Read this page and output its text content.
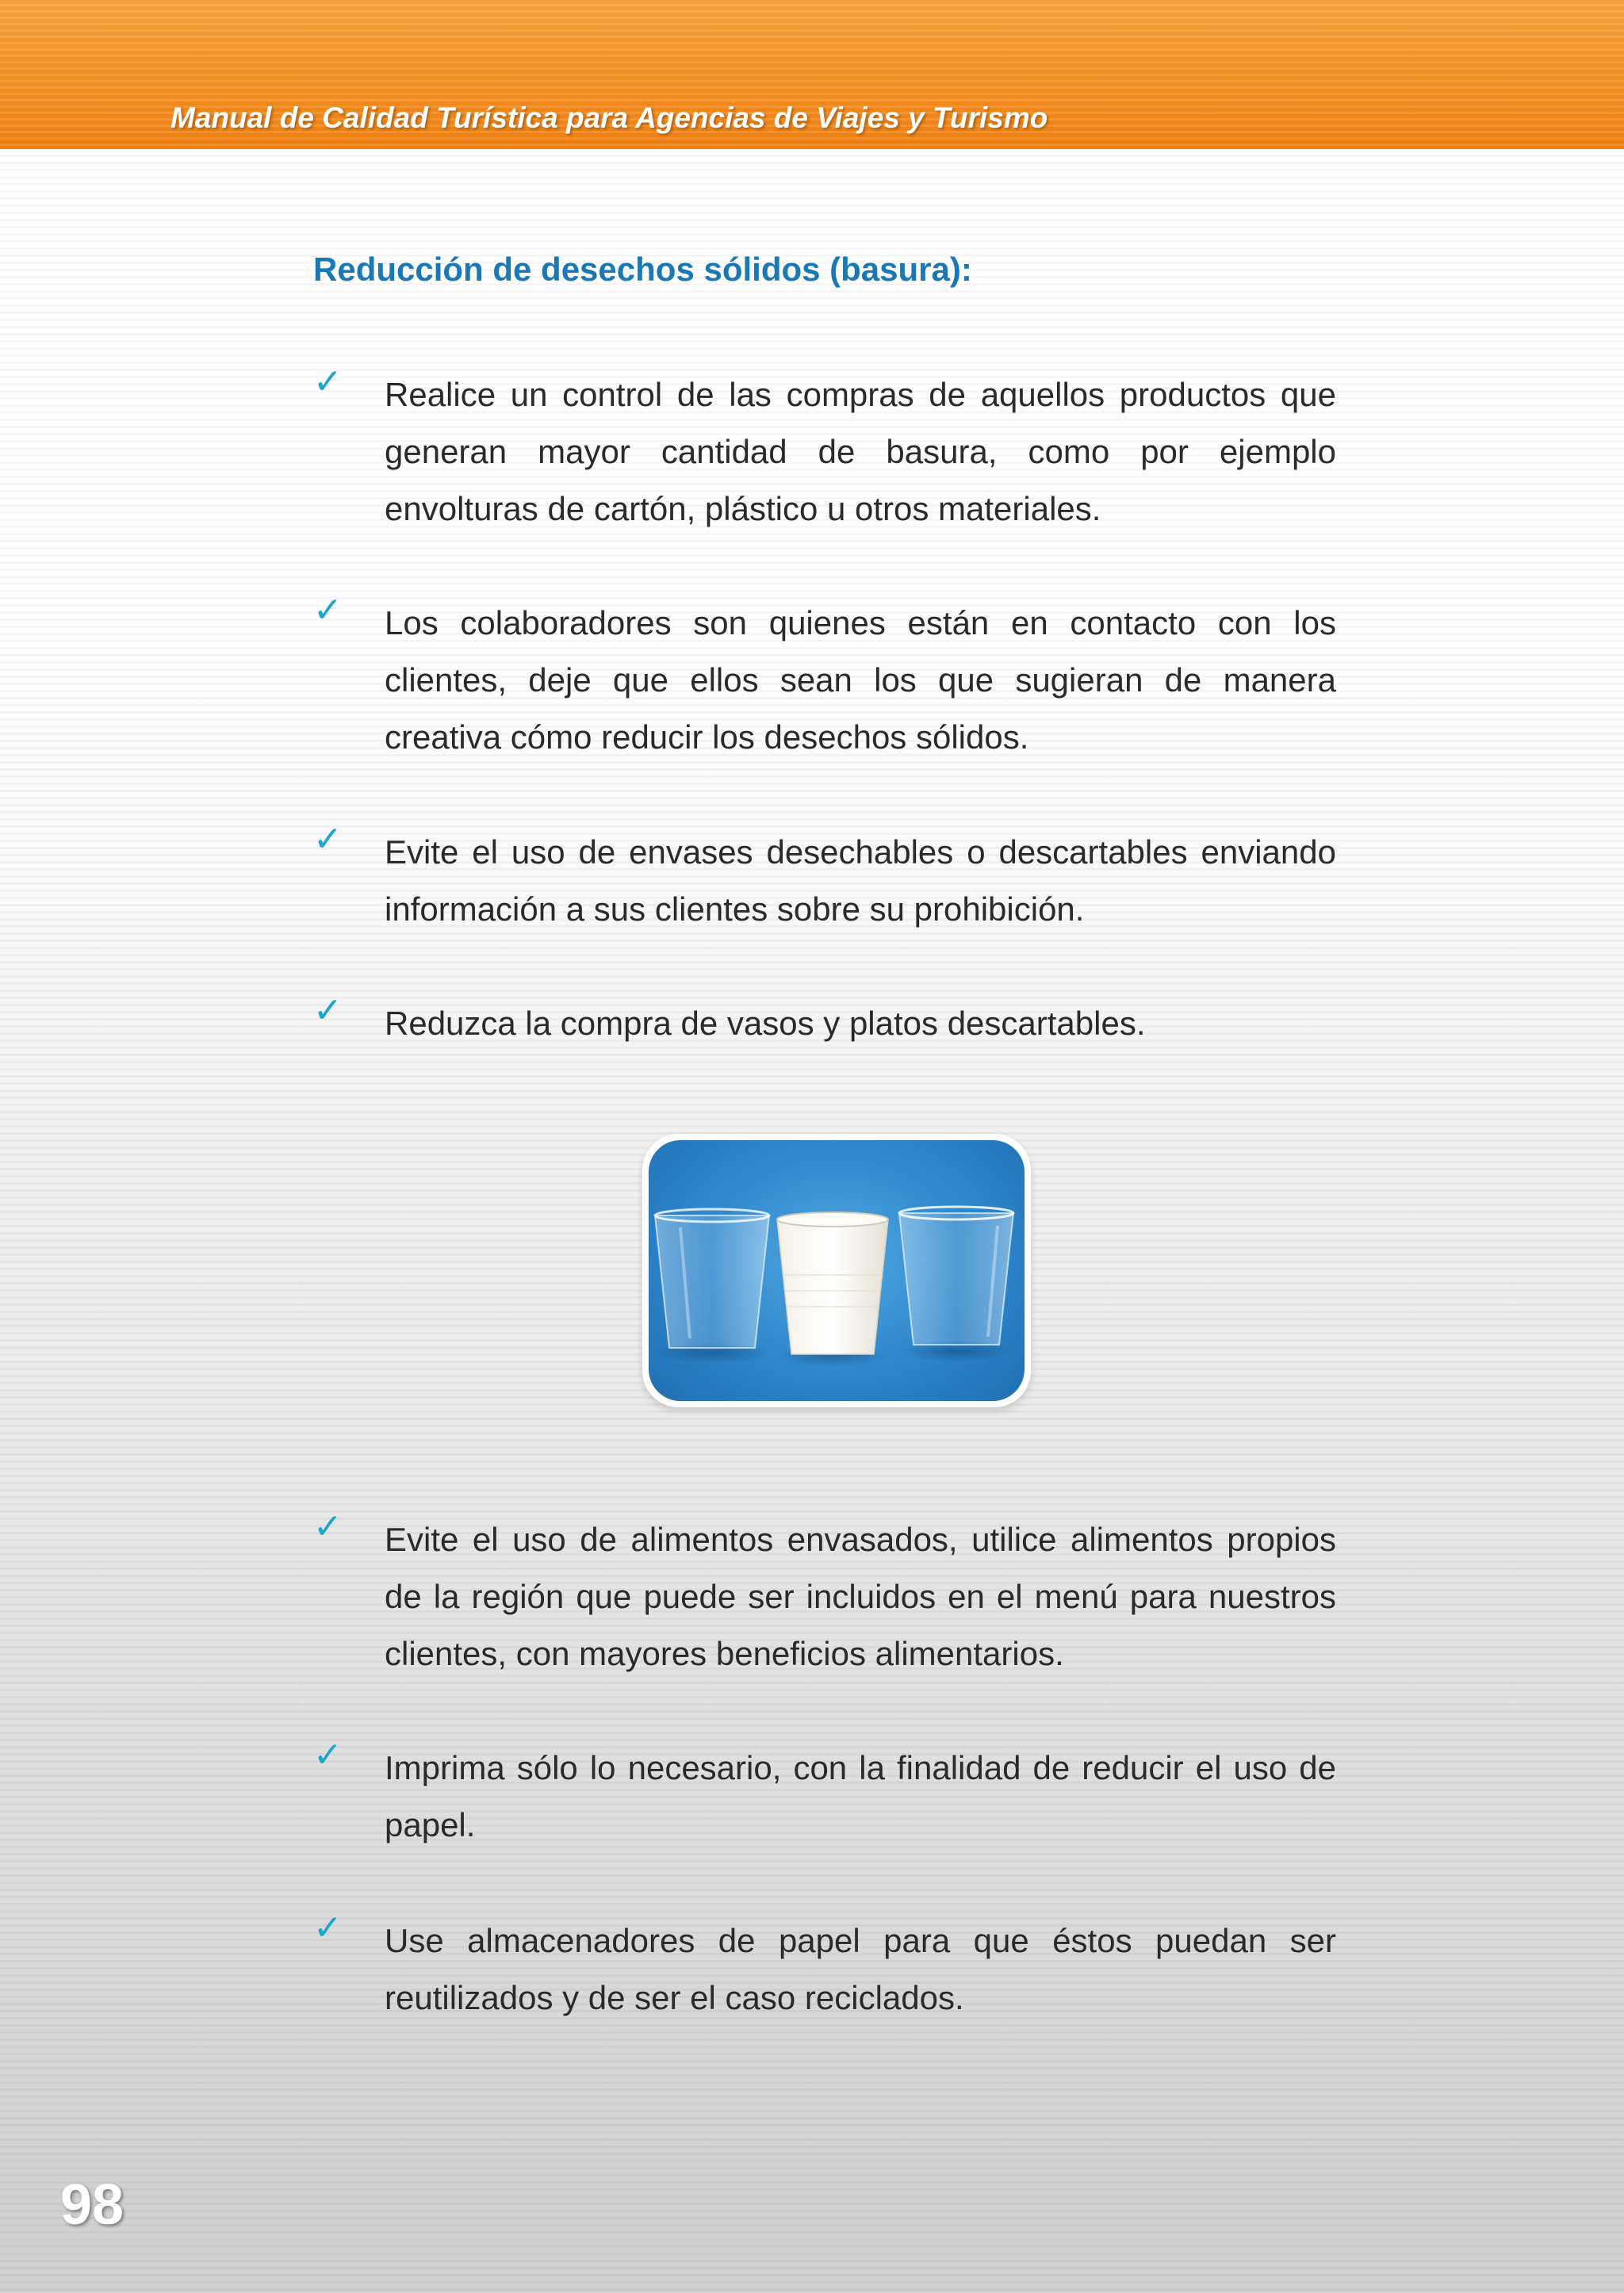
Manual de Calidad Turística para Agencias de Viajes y Turismo
Reducción de desechos sólidos (basura):
✓ Realice un control de las compras de aquellos productos que generan mayor cantidad de basura, como por ejemplo envolturas de cartón, plástico u otros materiales.
✓ Los colaboradores son quienes están en contacto con los clientes, deje que ellos sean los que sugieran de manera creativa cómo reducir los desechos sólidos.
✓ Evite el uso de envases desechables o descartables enviando información a sus clientes sobre su prohibición.
✓ Reduzca la compra de vasos y platos descartables.
✓ Evite el uso de alimentos envasados, utilice alimentos propios de la región que puede ser incluidos en el menú para nuestros clientes, con mayores beneficios alimentarios.
✓ Imprima sólo lo necesario, con la finalidad de reducir el uso de papel.
✓ Use almacenadores de papel para que éstos puedan ser reutilizados y de ser el caso reciclados.
98
